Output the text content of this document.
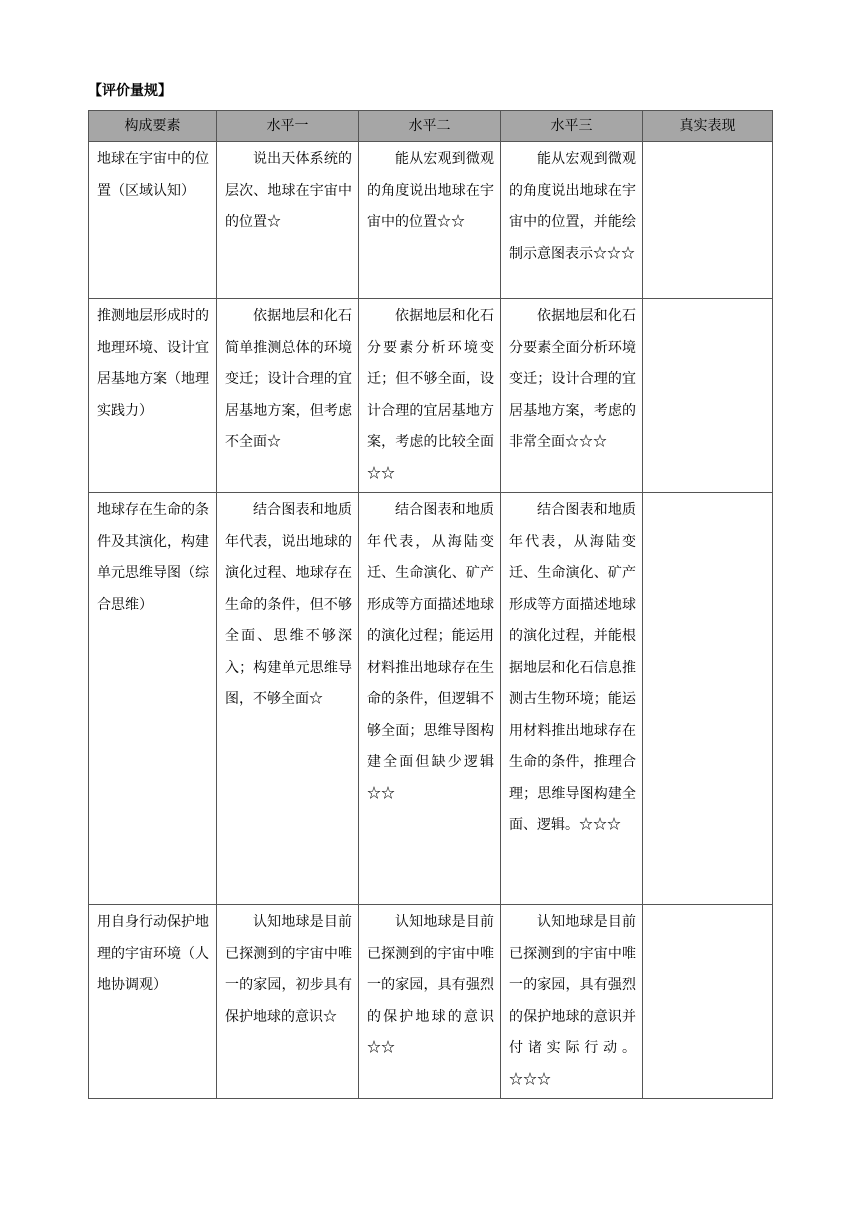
【评价量规】
构成要素	水平一	水平二	水平三	真实表现
地球在宇宙中的位置（区域认知）	说出天体系统的层次、地球在宇宙中的位置☆	能从宏观到微观的角度说出地球在宇宙中的位置☆☆	能从宏观到微观的角度说出地球在宇宙中的位置，并能绘制示意图表示☆☆☆	
推测地层形成时的地理环境、设计宜居基地方案（地理实践力）	依据地层和化石简单推测总体的环境变迁；设计合理的宜居基地方案，但考虑不全面☆	依据地层和化石分要素分析环境变迁；但不够全面，设计合理的宜居基地方案，考虑的比较全面☆☆	依据地层和化石分要素全面分析环境变迁；设计合理的宜居基地方案，考虑的非常全面☆☆☆	
地球存在生命的条件及其演化，构建单元思维导图（综合思维）	结合图表和地质年代表，说出地球的演化过程、地球存在生命的条件，但不够全面、思维不够深入；构建单元思维导图，不够全面☆	结合图表和地质年代表，从海陆变迁、生命演化、矿产形成等方面描述地球的演化过程；能运用材料推出地球存在生命的条件，但逻辑不够全面；思维导图构建全面但缺少逻辑☆☆	结合图表和地质年代表，从海陆变迁、生命演化、矿产形成等方面描述地球的演化过程，并能根据地层和化石信息推测古生物环境；能运用材料推出地球存在生命的条件，推理合理；思维导图构建全面、逻辑。☆☆☆	
用自身行动保护地理的宇宙环境（人地协调观）	认知地球是目前已探测到的宇宙中唯一的家园，初步具有保护地球的意识☆	认知地球是目前已探测到的宇宙中唯一的家园，具有强烈的保护地球的意识☆☆	认知地球是目前已探测到的宇宙中唯一的家园，具有强烈的保护地球的意识并付诸实际行动。☆☆☆	
